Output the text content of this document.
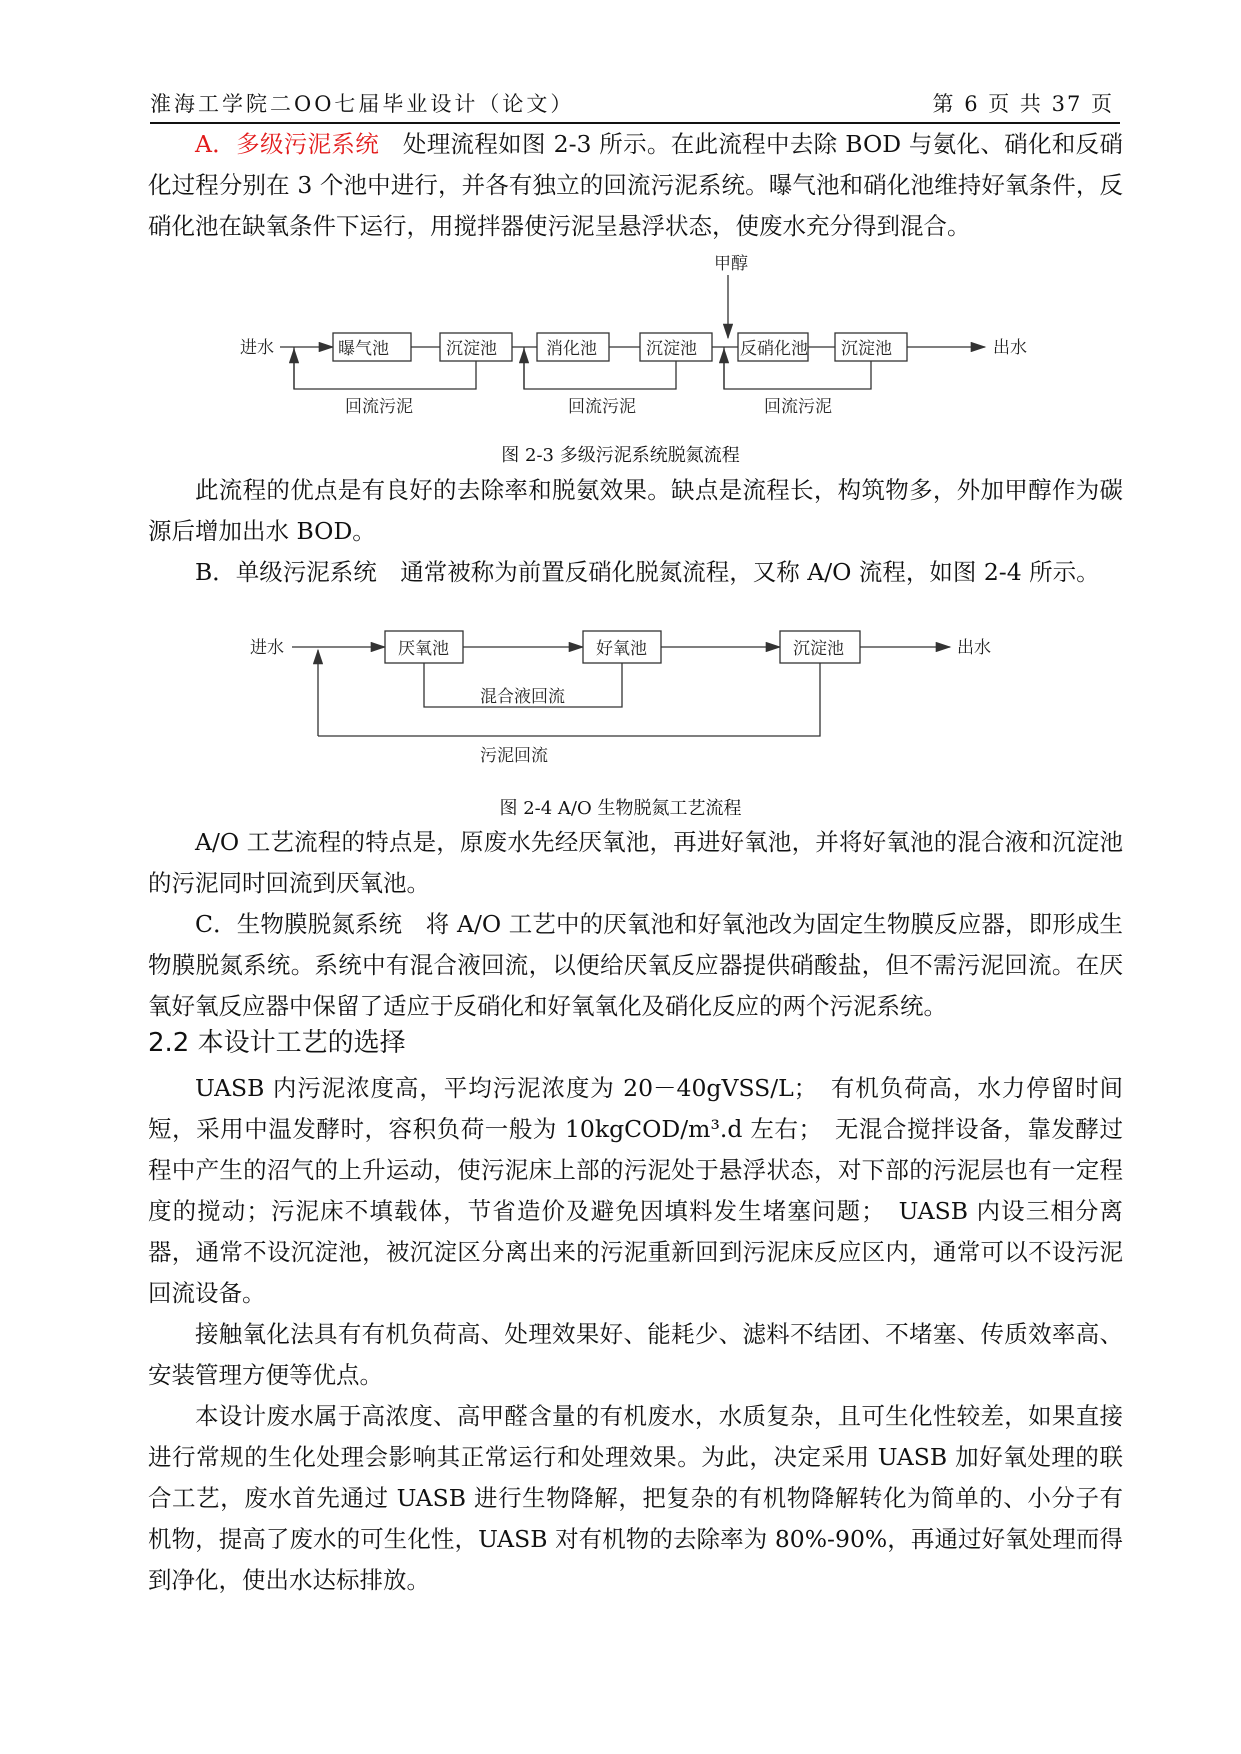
淮海工学院二OO七届毕业设计（论文）	第 6 页 共 37 页

A．多级污泥系统　 处理流程如图 2-3 所示。在此流程中去除 BOD 与氨化、硝化和反硝化过程分别在 3 个池中进行，并各有独立的回流污泥系统。曝气池和硝化池维持好氧条件，反硝化池在缺氧条件下运行，用搅拌器使污泥呈悬浮状态，使废水充分得到混合。

进水
甲醇
出水
曝气池	沉淀池	消化池	沉淀池	反硝化池 沉淀池
回流污泥	回流污泥	回流污泥
图 2-3 多级污泥系统脱氮流程

此流程的优点是有良好的去除率和脱氨效果。缺点是流程长，构筑物多，外加甲醇作为碳源后增加出水 BOD。

B．单级污泥系统　通常被称为前置反硝化脱氮流程，又称 A/O 流程，如图 2-4 所示。

进水	厌氧池	好氧池	沉淀池	出水
混合液回流
污泥回流
图 2-4 A/O 生物脱氮工艺流程

A/O 工艺流程的特点是，原废水先经厌氧池，再进好氧池，并将好氧池的混合液和沉淀池的污泥同时回流到厌氧池。

C．生物膜脱氮系统　将 A/O 工艺中的厌氧池和好氧池改为固定生物膜反应器，即形成生物膜脱氮系统。系统中有混合液回流，以便给厌氧反应器提供硝酸盐，但不需污泥回流。在厌氧好氧反应器中保留了适应于反硝化和好氧氧化及硝化反应的两个污泥系统。

2.2 本设计工艺的选择

UASB 内污泥浓度高，平均污泥浓度为 20－40gVSS/L；　有机负荷高，水力停留时间短，采用中温发酵时，容积负荷一般为 10kgCOD/m³.d 左右；　无混合搅拌设备，靠发酵过程中产生的沼气的上升运动，使污泥床上部的污泥处于悬浮状态，对下部的污泥层也有一定程度的搅动；污泥床不填载体，节省造价及避免因填料发生堵塞问题；　UASB 内设三相分离器，通常不设沉淀池，被沉淀区分离出来的污泥重新回到污泥床反应区内，通常可以不设污泥回流设备。

接触氧化法具有有机负荷高、处理效果好、能耗少、滤料不结团、不堵塞、传质效率高、安装管理方便等优点。

本设计废水属于高浓度、高甲醛含量的有机废水，水质复杂，且可生化性较差，如果直接进行常规的生化处理会影响其正常运行和处理效果。为此，决定采用 UASB 加好氧处理的联合工艺，废水首先通过 UASB 进行生物降解，把复杂的有机物降解转化为简单的、小分子有机物，提高了废水的可生化性，UASB 对有机物的去除率为 80%-90%，再通过好氧处理而得到净化，使出水达标排放。
